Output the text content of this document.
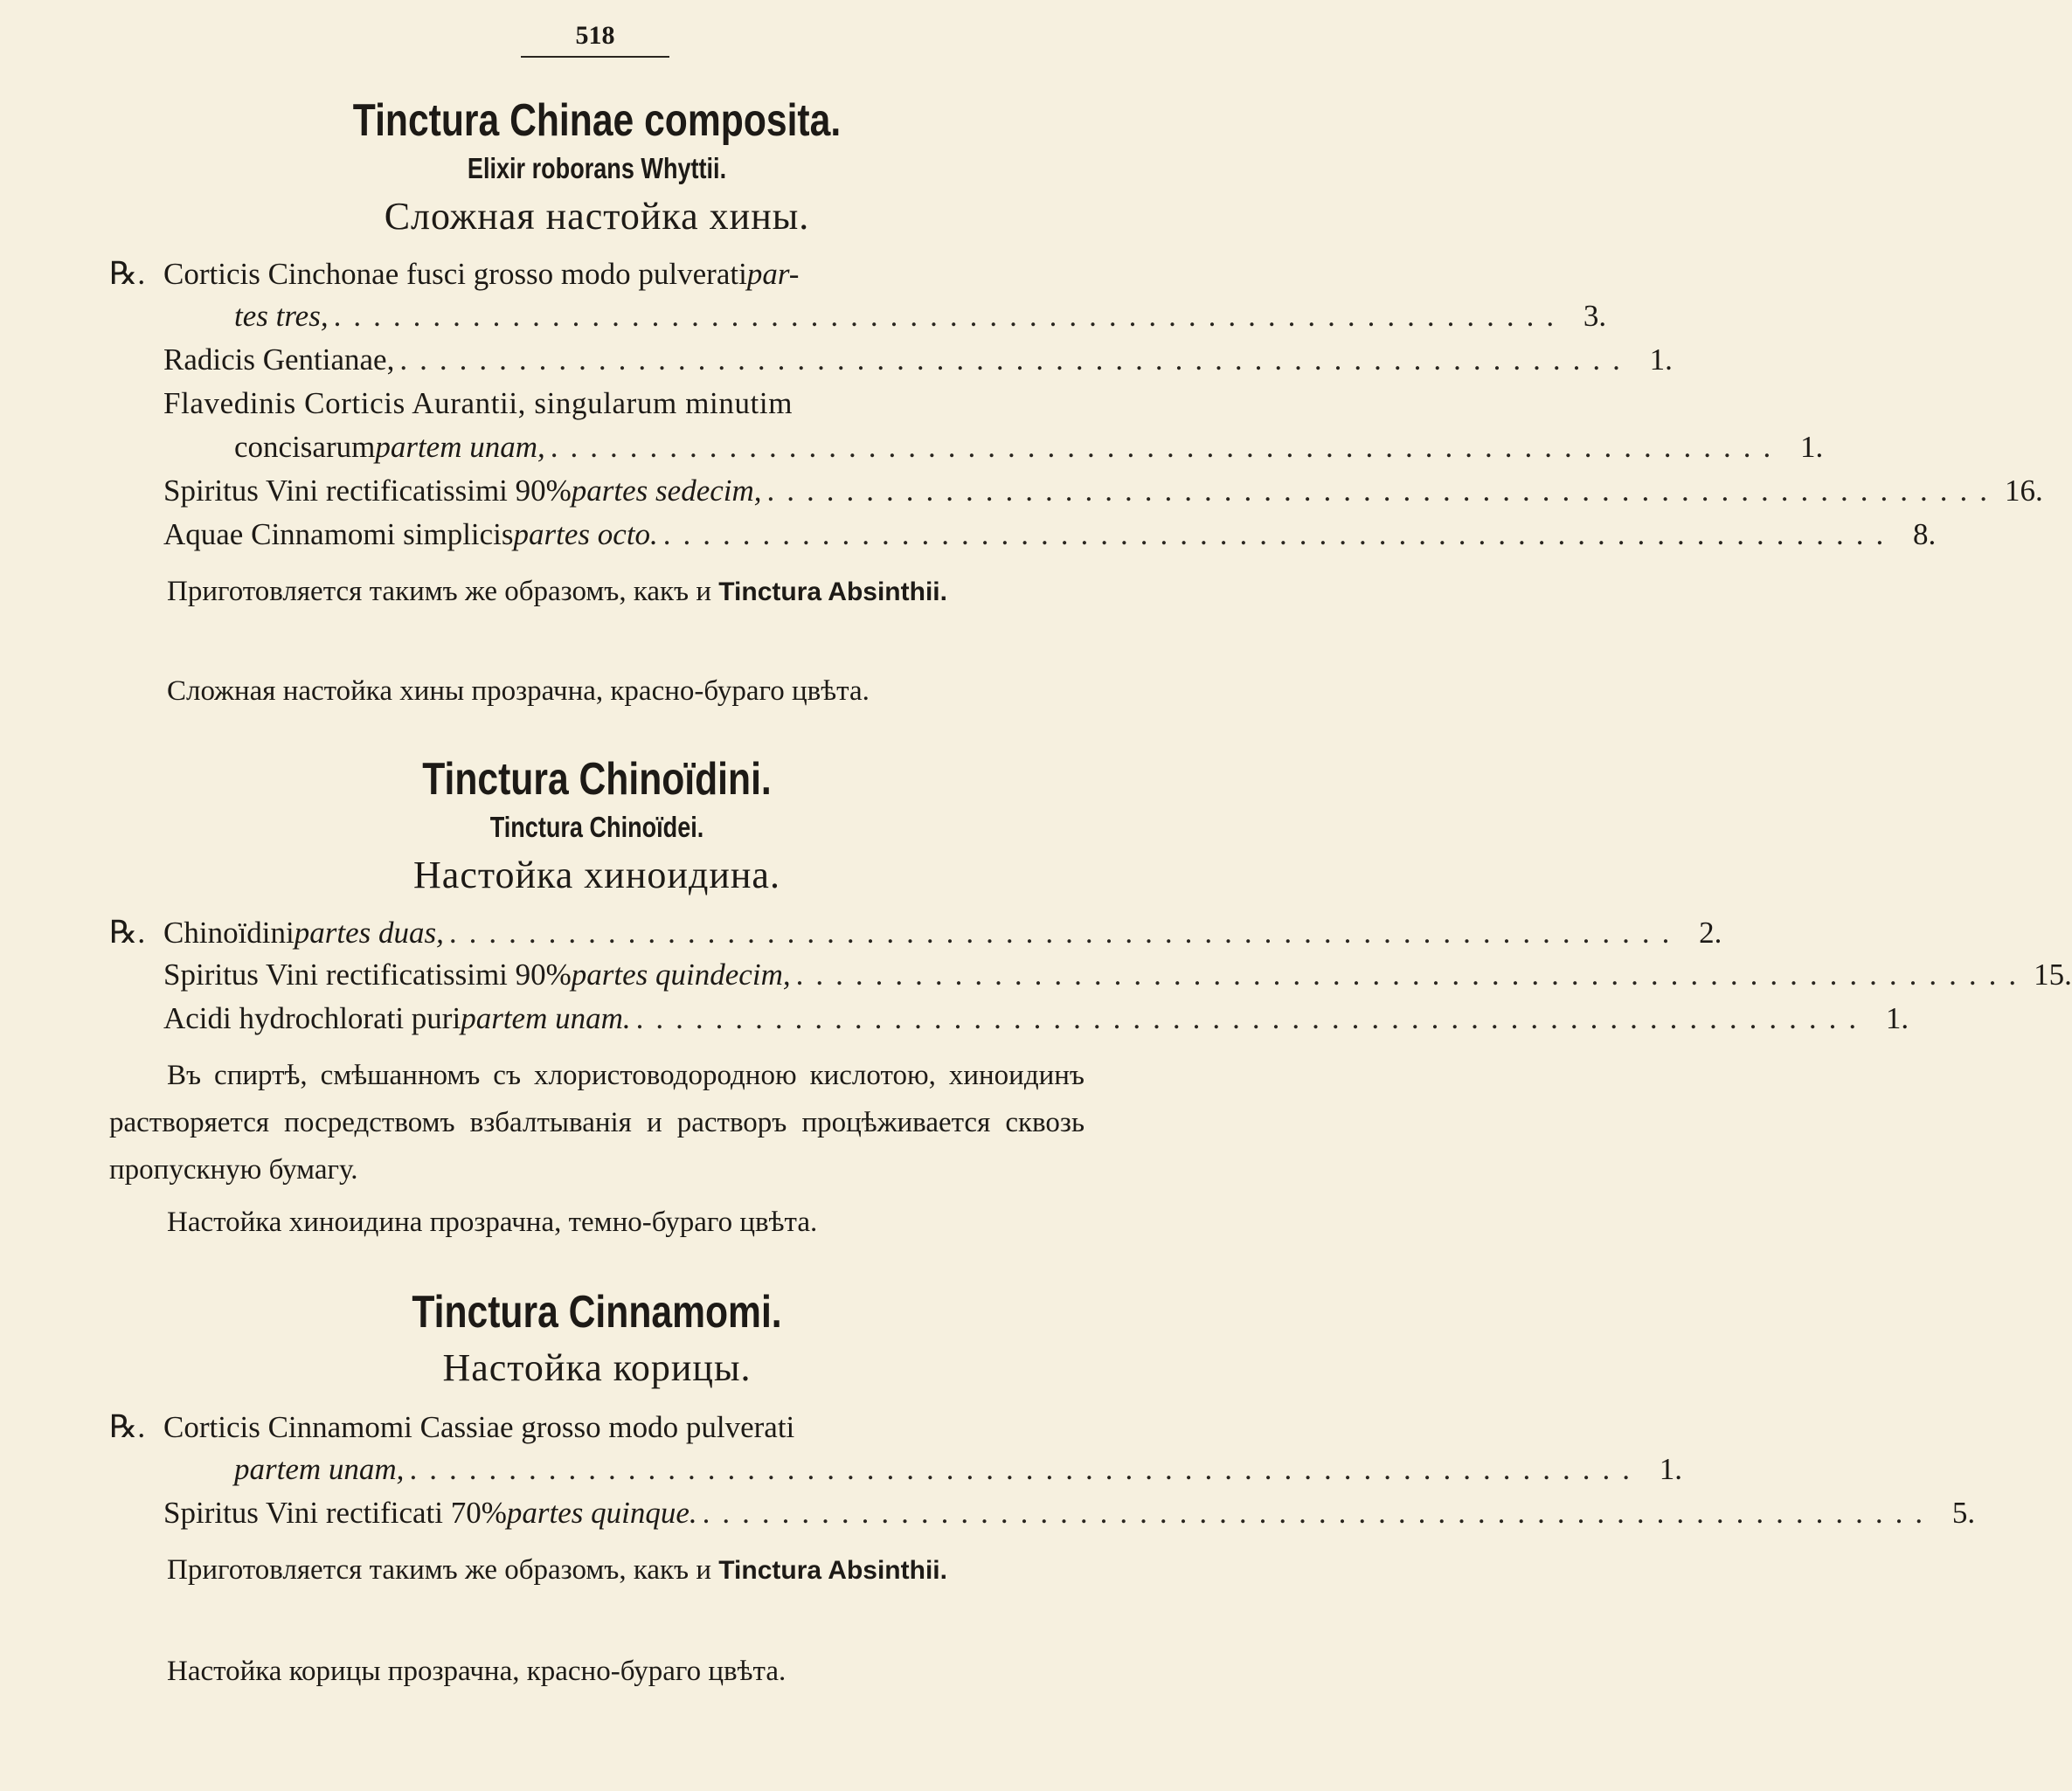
518
Tinctura Chinae composita.
Elixir roborans Whyttii.
Сложная настойка хины.
℞. Corticis Cinchonae fusci grosso modo pulverati par-
tes tres, .............................................................. 3.
Radicis Gentianae, .............................................................. 1.
Flavedinis Corticis Aurantii, singularum minutim
concisarum partem unam, .............................................................. 1.
Spiritus Vini rectificatissimi 90% partes sedecim, .............................................................. 16.
Aquae Cinnamomi simplicis partes octo. .............................................................. 8.
Приготовляется такимъ же образомъ, какъ и Tinctura Absinthii.
Сложная настойка хины прозрачна, красно-бураго цвѣта.
Tinctura Chinoïdini.
Tinctura Chinoïdei.
Настойка хиноидина.
℞. Chinoïdini partes duas, .............................................................. 2.
Spiritus Vini rectificatissimi 90% partes quindecim, .............................................................. 15.
Acidi hydrochlorati puri partem unam. .............................................................. 1.
Въ спиртѣ, смѣшанномъ съ хлористоводородною кислотою, хиноидинъ растворяется посредствомъ взбалтыванія и растворъ процѣживается сквозь пропускную бумагу.
Настойка хиноидина прозрачна, темно-бураго цвѣта.
Tinctura Cinnamomi.
Настойка корицы.
℞. Corticis Cinnamomi Cassiae grosso modo pulverati
partem unam, .............................................................. 1.
Spiritus Vini rectificati 70% partes quinque. .............................................................. 5.
Приготовляется такимъ же образомъ, какъ и Tinctura Absinthii.
Настойка корицы прозрачна, красно-бураго цвѣта.
